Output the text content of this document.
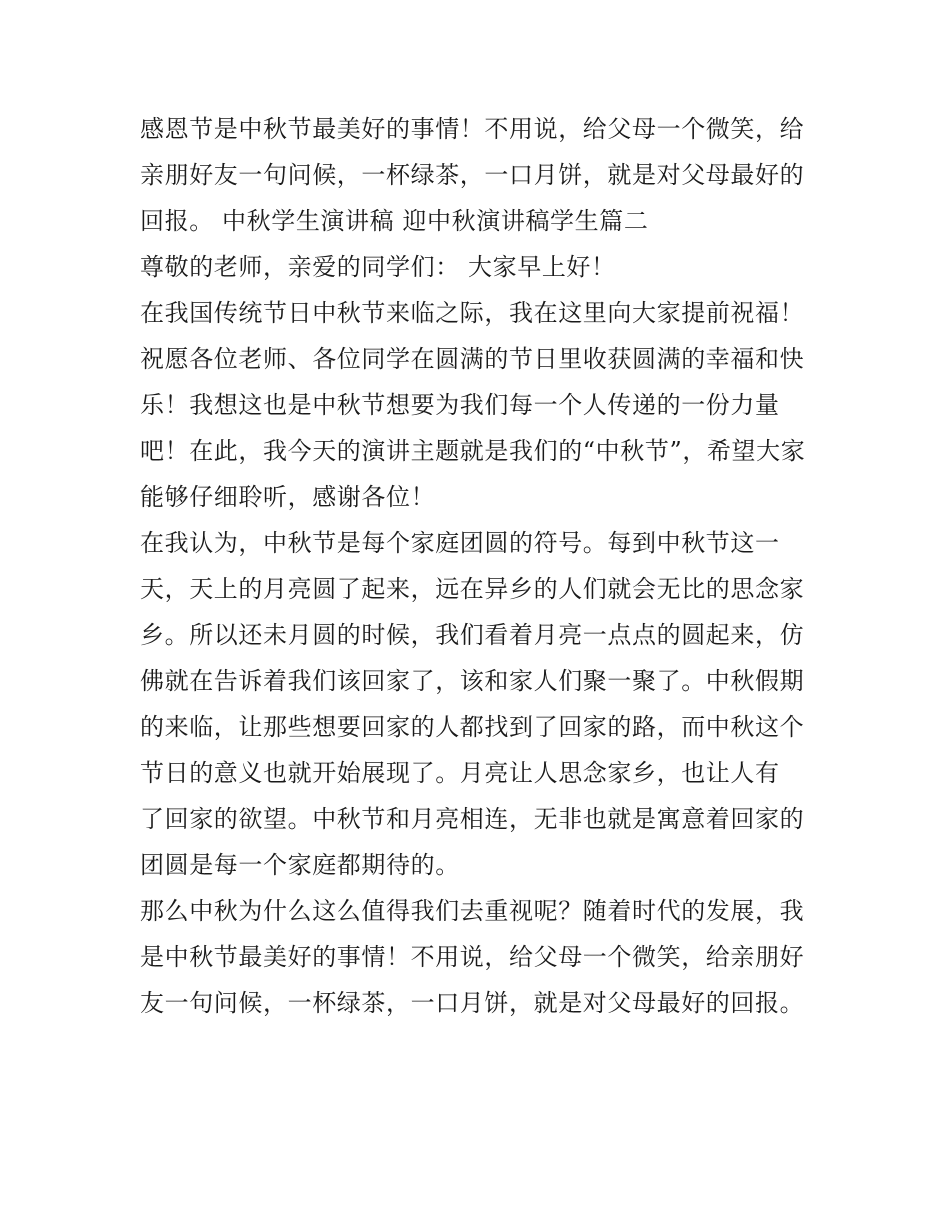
感恩节是中秋节最美好的事情！不用说，给父母一个微笑，给
亲朋好友一句问候，一杯绿茶，一口月饼，就是对父母最好的
回报。 中秋学生演讲稿 迎中秋演讲稿学生篇二
尊敬的老师，亲爱的同学们： 大家早上好！
在我国传统节日中秋节来临之际，我在这里向大家提前祝福！
祝愿各位老师、各位同学在圆满的节日里收获圆满的幸福和快
乐！我想这也是中秋节想要为我们每一个人传递的一份力量
吧！在此，我今天的演讲主题就是我们的“中秋节”，希望大家
能够仔细聆听，感谢各位！
在我认为，中秋节是每个家庭团圆的符号。每到中秋节这一
天，天上的月亮圆了起来，远在异乡的人们就会无比的思念家
乡。所以还未月圆的时候，我们看着月亮一点点的圆起来，仿
佛就在告诉着我们该回家了，该和家人们聚一聚了。中秋假期
的来临，让那些想要回家的人都找到了回家的路，而中秋这个
节日的意义也就开始展现了。月亮让人思念家乡，也让人有
了回家的欲望。中秋节和月亮相连，无非也就是寓意着回家的
团圆是每一个家庭都期待的。
那么中秋为什么这么值得我们去重视呢？随着时代的发展，我
是中秋节最美好的事情！不用说，给父母一个微笑，给亲朋好
友一句问候，一杯绿茶，一口月饼，就是对父母最好的回报。
